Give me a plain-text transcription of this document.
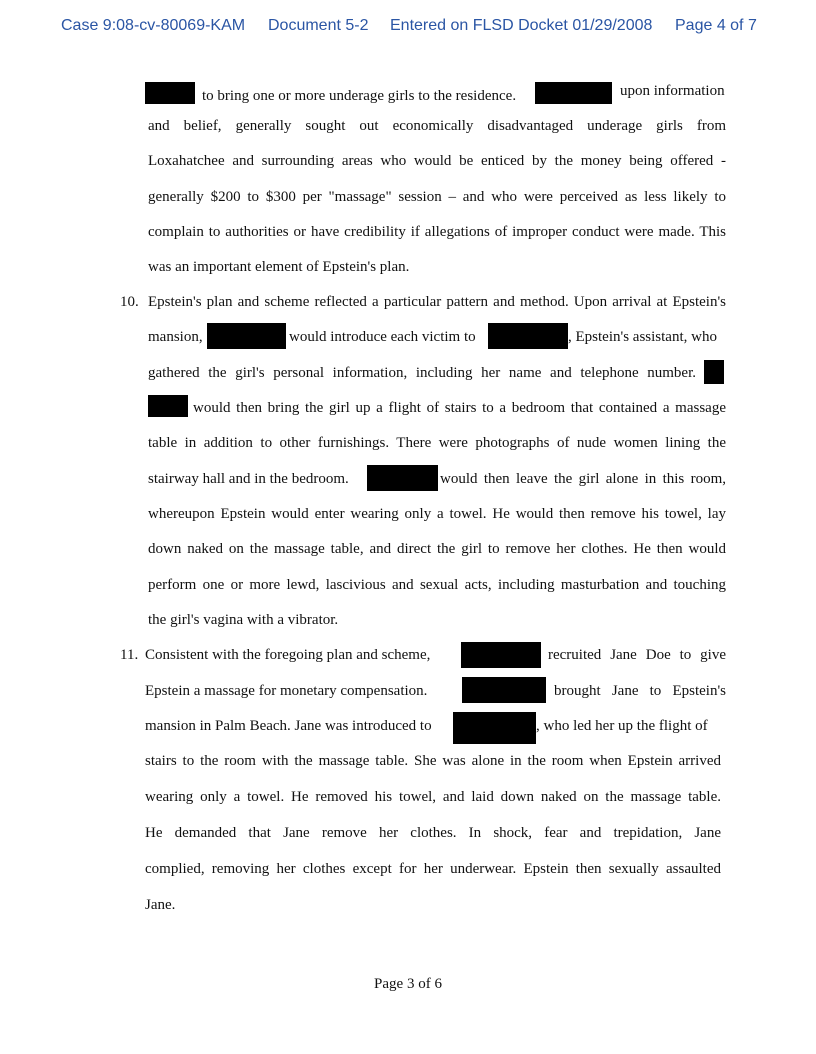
Case 9:08-cv-80069-KAM Document 5-2 Entered on FLSD Docket 01/29/2008 Page 4 of 7
to bring one or more underage girls to the residence.	upon information
and belief, generally sought out economically disadvantaged underage girls from
Loxahatchee and surrounding areas who would be enticed by the money being offered -
generally $200 to $300 per "massage" session – and who were perceived as less likely to
complain to authorities or have credibility if allegations of improper conduct were made. This
was an important element of Epstein's plan.
10. Epstein's plan and scheme reflected a particular pattern and method. Upon arrival at Epstein's
mansion,	would introduce each victim to	, Epstein's assistant, who
gathered the girl's personal information, including her name and telephone number.
would then bring the girl up a flight of stairs to a bedroom that contained a massage
table in addition to other furnishings. There were photographs of nude women lining the
stairway hall and in the bedroom.	would then leave the girl alone in this room,
whereupon Epstein would enter wearing only a towel. He would then remove his towel, lay
down naked on the massage table, and direct the girl to remove her clothes. He then would
perform one or more lewd, lascivious and sexual acts, including masturbation and touching
the girl's vagina with a vibrator.
11. Consistent with the foregoing plan and scheme,	recruited Jane Doe to give
Epstein a massage for monetary compensation.	brought Jane to Epstein's
mansion in Palm Beach. Jane was introduced to	, who led her up the flight of
stairs to the room with the massage table. She was alone in the room when Epstein arrived
wearing only a towel. He removed his towel, and laid down naked on the massage table.
He demanded that Jane remove her clothes. In shock, fear and trepidation, Jane
complied, removing her clothes except for her underwear. Epstein then sexually assaulted
Jane.
Page 3 of 6
